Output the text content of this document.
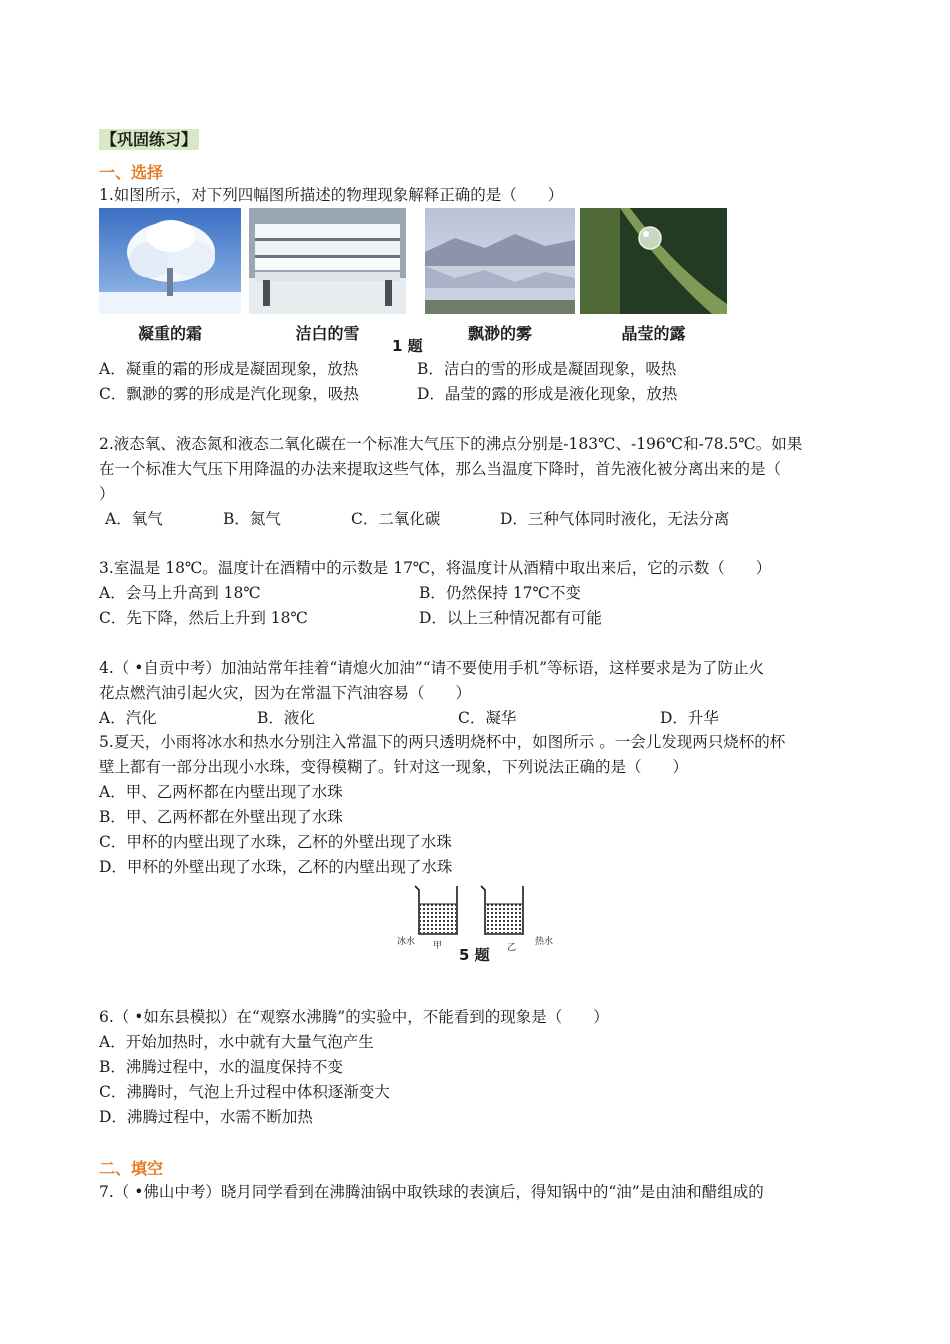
【巩固练习】
一、选择
1.如图所示，对下列四幅图所描述的物理现象解释正确的是（　　）
凝重的霜	洁白的雪	飘渺的雾	晶莹的露
1 题
A．凝重的霜的形成是凝固现象，放热	B．洁白的雪的形成是凝固现象，吸热
C．飘渺的雾的形成是汽化现象，吸热	D．晶莹的露的形成是液化现象，放热
2.液态氧、液态氮和液态二氧化碳在一个标准大气压下的沸点分别是-183℃、-196℃和-78.5℃。如果
在一个标准大气压下用降温的办法来提取这些气体，那么当温度下降时，首先液化被分离出来的是（
）
A．氧气	B．氮气	C．二氧化碳	D．三种气体同时液化，无法分离
3.室温是 18℃。温度计在酒精中的示数是 17℃，将温度计从酒精中取出来后，它的示数（　　）
A．会马上升高到 18℃	B．仍然保持 17℃不变
C．先下降，然后上升到 18℃	D．以上三种情况都有可能
4.（ •自贡中考）加油站常年挂着“请熄火加油”“请不要使用手机”等标语，这样要求是为了防止火
花点燃汽油引起火灾，因为在常温下汽油容易（　　）
A．汽化	B．液化	C．凝华	D．升华
5.夏天，小雨将冰水和热水分别注入常温下的两只透明烧杯中，如图所示 。一会儿发现两只烧杯的杯
壁上都有一部分出现小水珠，变得模糊了。针对这一现象，下列说法正确的是（　　）
A．甲、乙两杯都在内壁出现了水珠
B．甲、乙两杯都在外壁出现了水珠
C．甲杯的内壁出现了水珠，乙杯的外壁出现了水珠
D．甲杯的外壁出现了水珠，乙杯的内壁出现了水珠
冰水 甲	乙
热水
5 题
6.（ •如东县模拟）在“观察水沸腾”的实验中，不能看到的现象是（　　）
A．开始加热时，水中就有大量气泡产生
B．沸腾过程中，水的温度保持不变
C．沸腾时，气泡上升过程中体积逐渐变大
D．沸腾过程中，水需不断加热
二、填空
7.（ •佛山中考）晓月同学看到在沸腾油锅中取铁球的表演后，得知锅中的“油”是由油和醋组成的
